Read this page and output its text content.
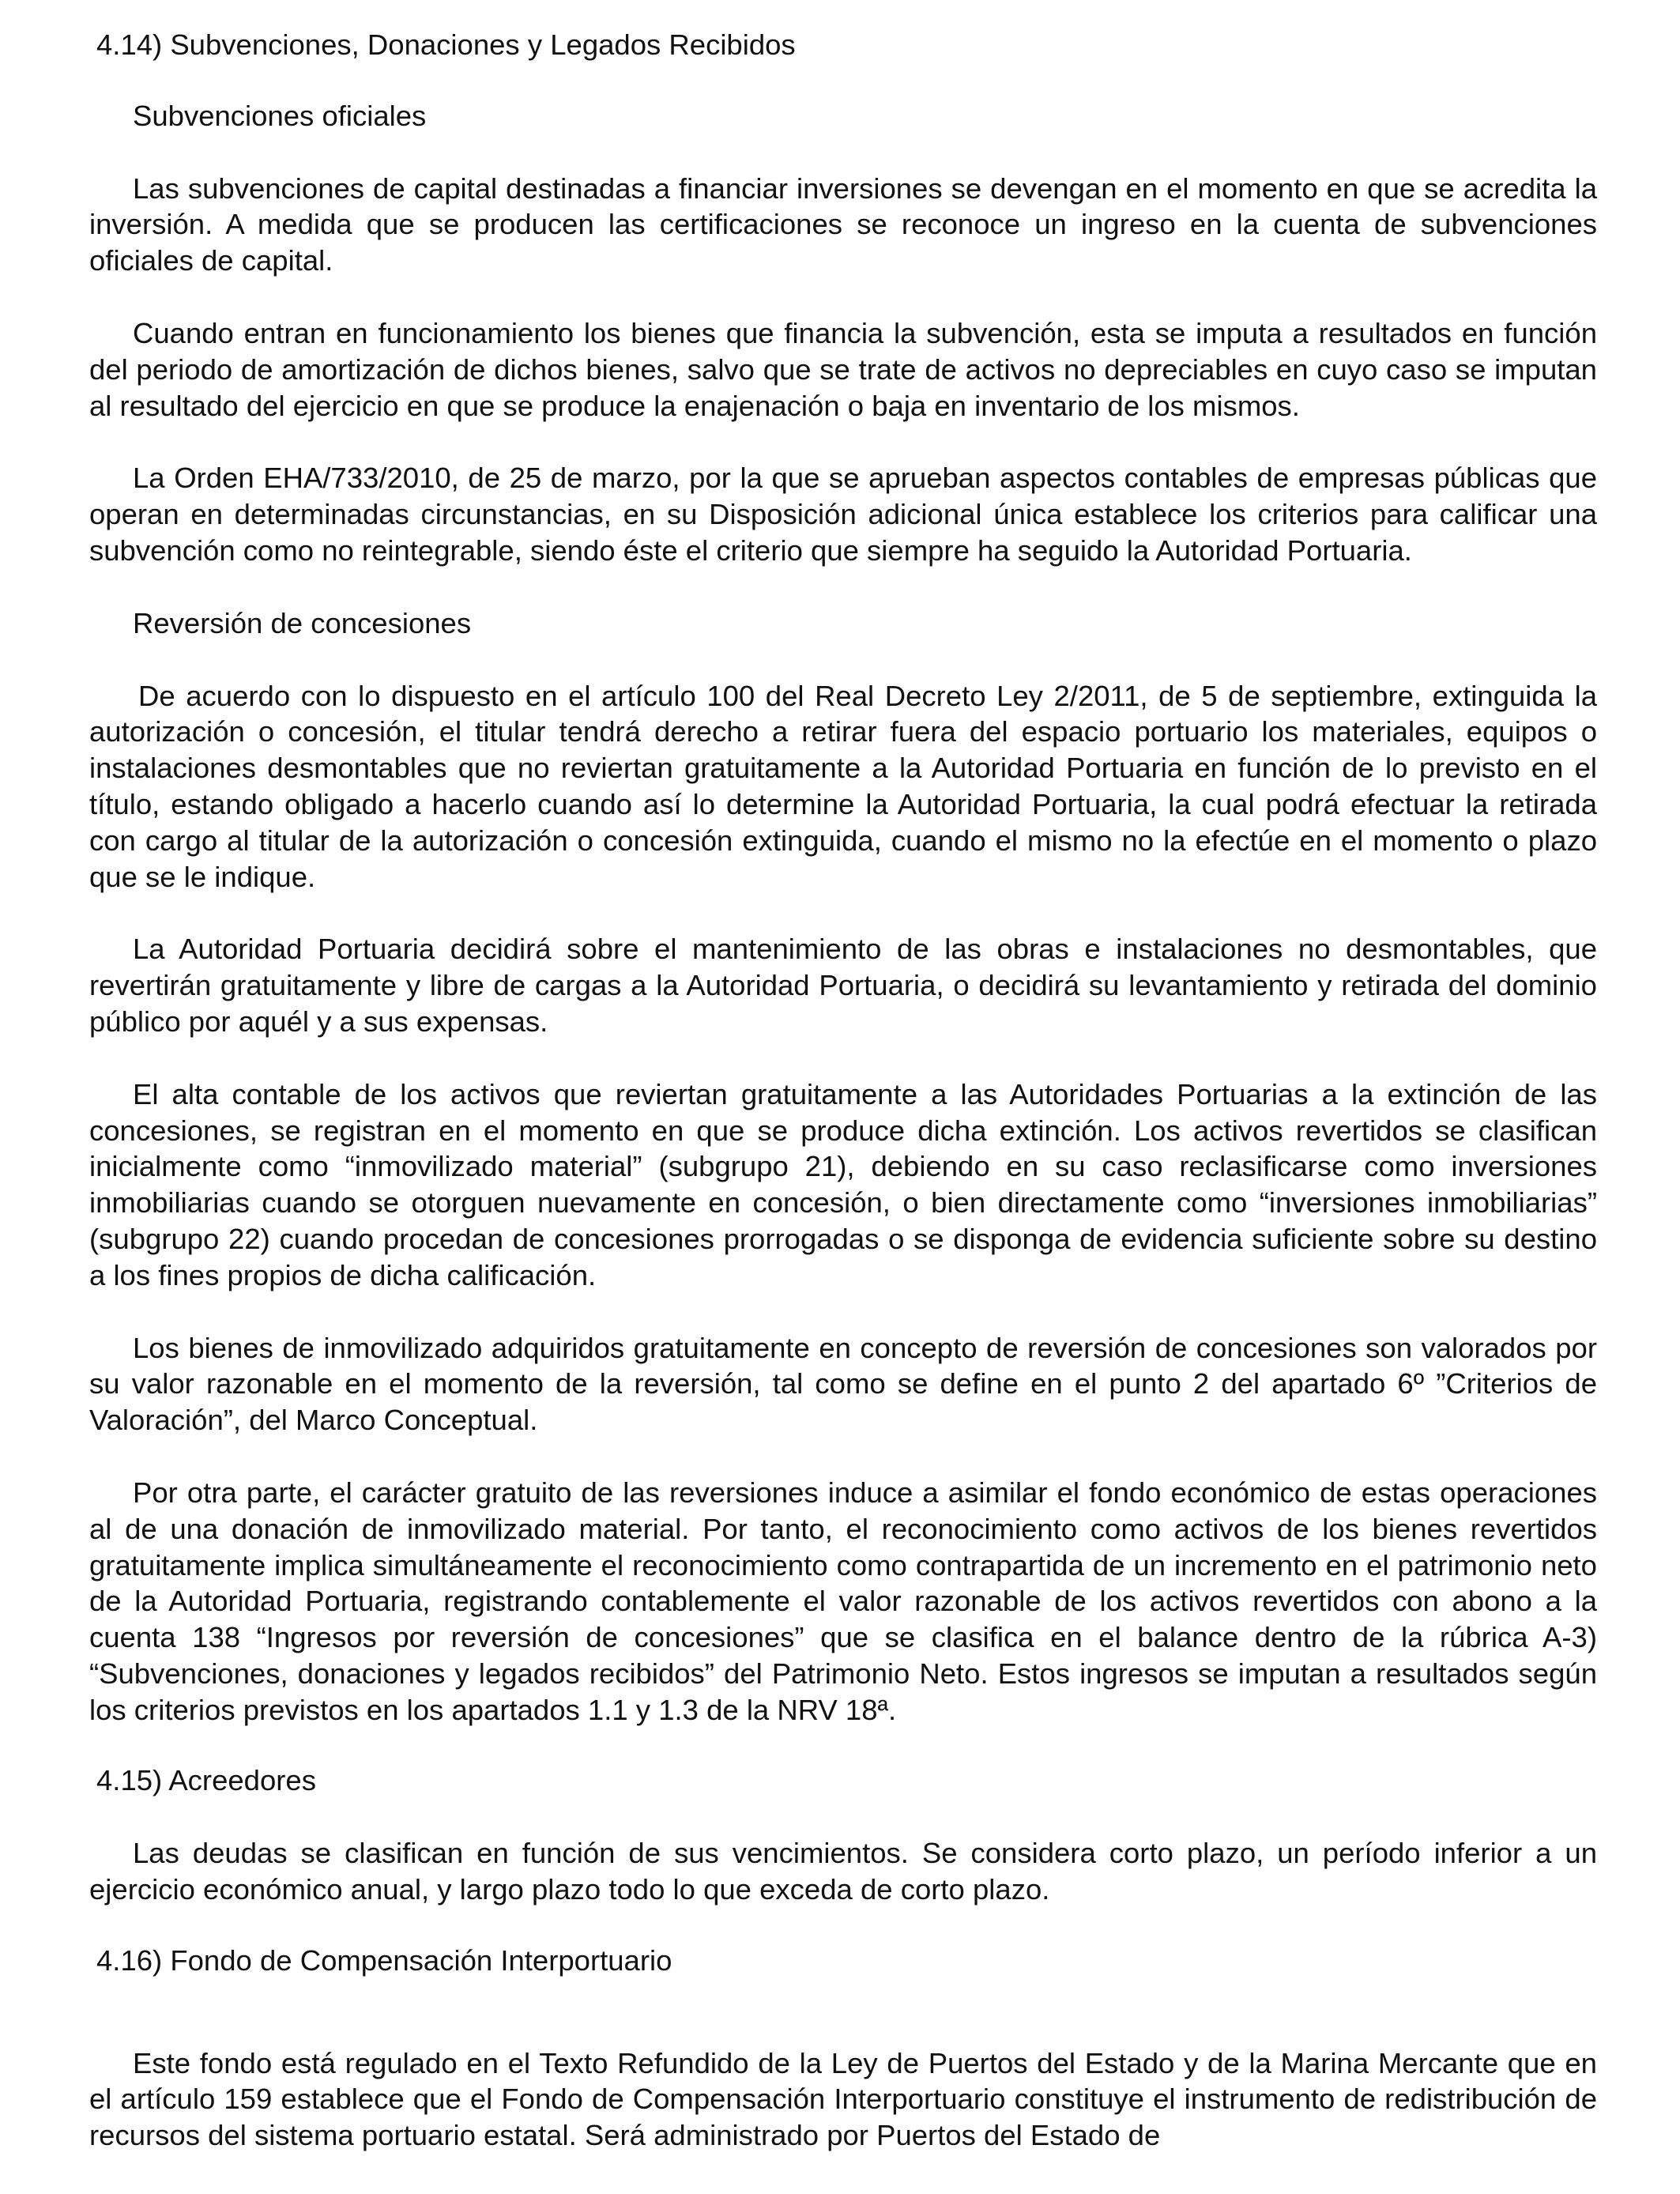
4.14) Subvenciones, Donaciones y Legados Recibidos

Subvenciones oficiales

Las subvenciones de capital destinadas a financiar inversiones se devengan en el momento en que se acredita la inversión. A medida que se producen las certificaciones se reconoce un ingreso en la cuenta de subvenciones oficiales de capital.

Cuando entran en funcionamiento los bienes que financia la subvención, esta se imputa a resultados en función del periodo de amortización de dichos bienes, salvo que se trate de activos no depreciables en cuyo caso se imputan al resultado del ejercicio en que se produce la enajenación o baja en inventario de los mismos.

La Orden EHA/733/2010, de 25 de marzo, por la que se aprueban aspectos contables de empresas públicas que operan en determinadas circunstancias, en su Disposición adicional única establece los criterios para calificar una subvención como no reintegrable, siendo éste el criterio que siempre ha seguido la Autoridad Portuaria.

Reversión de concesiones

De acuerdo con lo dispuesto en el artículo 100 del Real Decreto Ley 2/2011, de 5 de septiembre, extinguida la autorización o concesión, el titular tendrá derecho a retirar fuera del espacio portuario los materiales, equipos o instalaciones desmontables que no reviertan gratuitamente a la Autoridad Portuaria en función de lo previsto en el título, estando obligado a hacerlo cuando así lo determine la Autoridad Portuaria, la cual podrá efectuar la retirada con cargo al titular de la autorización o concesión extinguida, cuando el mismo no la efectúe en el momento o plazo que se le indique.

La Autoridad Portuaria decidirá sobre el mantenimiento de las obras e instalaciones no desmontables, que revertirán gratuitamente y libre de cargas a la Autoridad Portuaria, o decidirá su levantamiento y retirada del dominio público por aquél y a sus expensas.

El alta contable de los activos que reviertan gratuitamente a las Autoridades Portuarias a la extinción de las concesiones, se registran en el momento en que se produce dicha extinción. Los activos revertidos se clasifican inicialmente como “inmovilizado material” (subgrupo 21), debiendo en su caso reclasificarse como inversiones inmobiliarias cuando se otorguen nuevamente en concesión, o bien directamente como “inversiones inmobiliarias” (subgrupo 22) cuando procedan de concesiones prorrogadas o se disponga de evidencia suficiente sobre su destino a los fines propios de dicha calificación.

Los bienes de inmovilizado adquiridos gratuitamente en concepto de reversión de concesiones son valorados por su valor razonable en el momento de la reversión, tal como se define en el punto 2 del apartado 6º ”Criterios de Valoración”, del Marco Conceptual.

Por otra parte, el carácter gratuito de las reversiones induce a asimilar el fondo económico de estas operaciones al de una donación de inmovilizado material. Por tanto, el reconocimiento como activos de los bienes revertidos gratuitamente implica simultáneamente el reconocimiento como contrapartida de un incremento en el patrimonio neto de la Autoridad Portuaria, registrando contablemente el valor razonable de los activos revertidos con abono a la cuenta 138 “Ingresos por reversión de concesiones” que se clasifica en el balance dentro de la rúbrica A-3) “Subvenciones, donaciones y legados recibidos” del Patrimonio Neto. Estos ingresos se imputan a resultados según los criterios previstos en los apartados 1.1 y 1.3 de la NRV 18ª.

4.15) Acreedores

Las deudas se clasifican en función de sus vencimientos. Se considera corto plazo, un período inferior a un ejercicio económico anual, y largo plazo todo lo que exceda de corto plazo.

4.16) Fondo de Compensación Interportuario

Este fondo está regulado en el Texto Refundido de la Ley de Puertos del Estado y de la Marina Mercante que en el artículo 159 establece que el Fondo de Compensación Interportuario constituye el instrumento de redistribución de recursos del sistema portuario estatal. Será administrado por Puertos del Estado de
